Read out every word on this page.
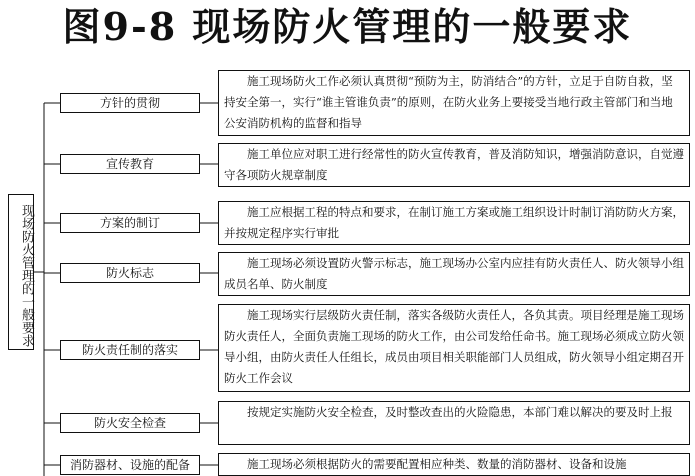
图9-8 现场防火管理的一般要求
现场防火管理的一般要求
方针的贯彻
施工现场防火工作必须认真贯彻“预防为主，防消结合”的方针，立足于自防自救，坚持安全第一，实行“谁主管谁负责”的原则，在防火业务上要接受当地行政主管部门和当地公安消防机构的监督和指导
宣传教育
施工单位应对职工进行经常性的防火宣传教育，普及消防知识，增强消防意识，自觉遵守各项防火规章制度
方案的制订
施工应根据工程的特点和要求，在制订施工方案或施工组织设计时制订消防防火方案，并按规定程序实行审批
防火标志
施工现场必须设置防火警示标志，施工现场办公室内应挂有防火责任人、防火领导小组成员名单、防火制度
防火责任制的落实
施工现场实行层级防火责任制，落实各级防火责任人，各负其责。项目经理是施工现场防火责任人，全面负责施工现场的防火工作，由公司发给任命书。施工现场必须成立防火领导小组，由防火责任人任组长，成员由项目相关职能部门人员组成，防火领导小组定期召开防火工作会议
防火安全检查
按规定实施防火安全检查，及时整改查出的火险隐患，本部门难以解决的要及时上报
消防器材、设施的配备	施工现场必须根据防火的需要配置相应种类、数量的消防器材、设备和设施
